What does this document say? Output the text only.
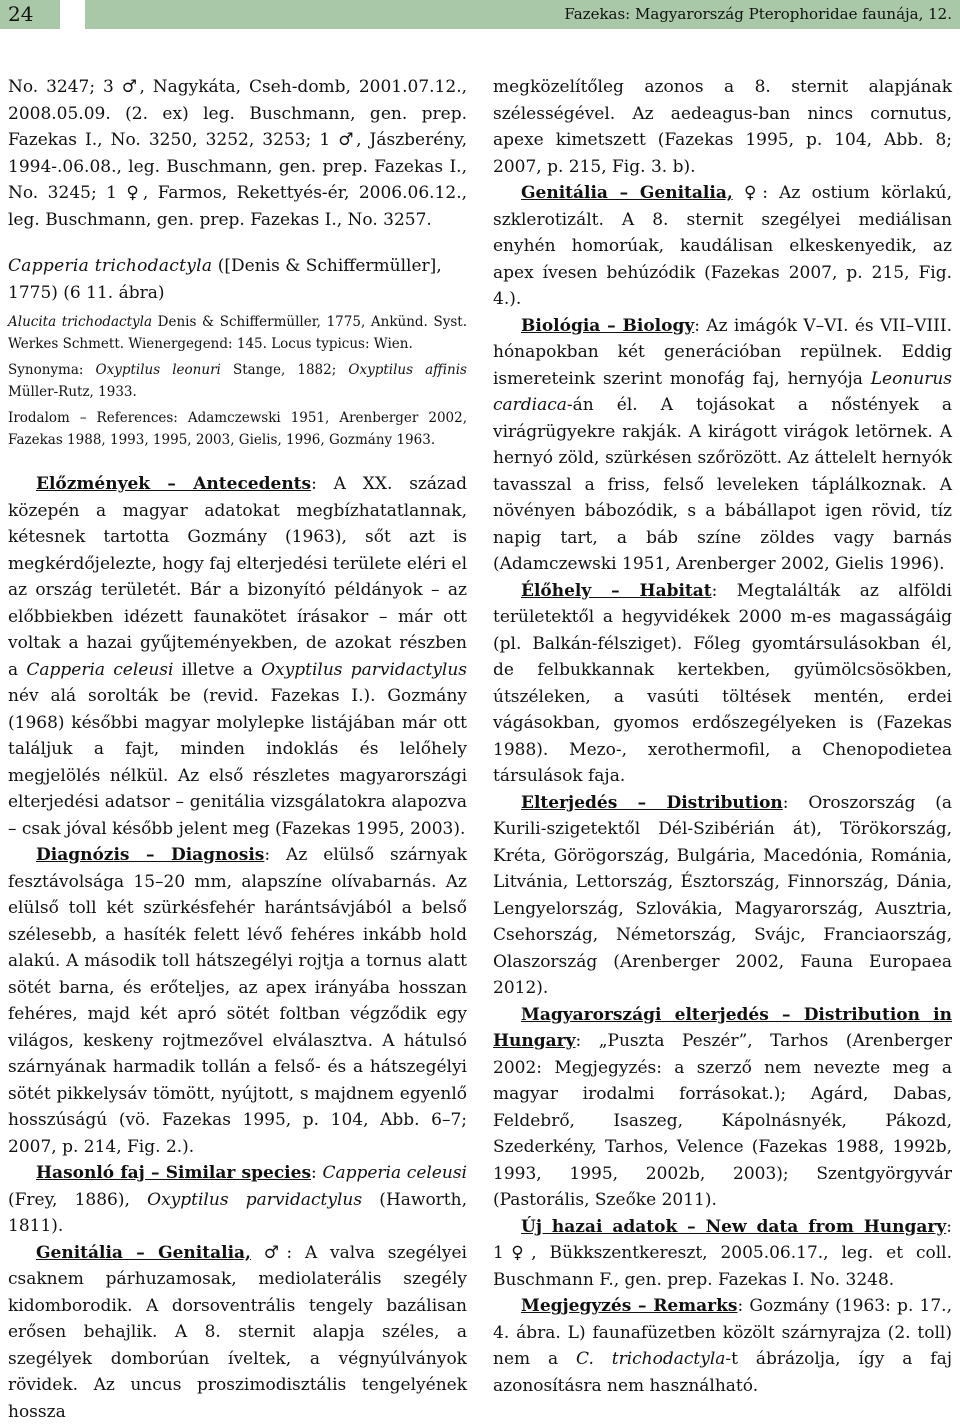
24	Fazekas: Magyarország Pterophoridae faunája, 12.

No. 3247; 3 ♂, Nagykáta, Cseh-domb, 2001.07.12., 2008.05.09. (2. ex) leg. Buschmann, gen. prep. Fazekas I., No. 3250, 3252, 3253; 1 ♂, Jászberény, 1994-.06.08., leg. Buschmann, gen. prep. Fazekas I., No. 3245; 1 ♀, Farmos, Rekettyés-ér, 2006.06.12., leg. Buschmann, gen. prep. Fazekas I., No. 3257.

Capperia trichodactyla ([Denis & Schiffermüller], 1775) (6 11. ábra)

Alucita trichodactyla Denis & Schiffermüller, 1775, Ankünd. Syst. Werkes Schmett. Wienergegend: 145. Locus typicus: Wien.

Synonyma: Oxyptilus leonuri Stange, 1882; Oxyptilus affinis Müller-Rutz, 1933.

Irodalom – References: Adamczewski 1951, Arenberger 2002, Fazekas 1988, 1993, 1995, 2003, Gielis, 1996, Gozmány 1963.

Előzmények – Antecedents: A XX. század közepén a magyar adatokat megbízhatatlannak, kétesnek tartotta Gozmány (1963), sőt azt is megkérdőjelezte, hogy faj elterjedési területe eléri el az ország területét. Bár a bizonyító példányok – az előbbiekben idézett faunakötet írásakor – már ott voltak a hazai gyűjteményekben, de azokat részben a Capperia celeusi illetve a Oxyptilus parvidactylus név alá sorolták be (revid. Fazekas I.). Gozmány (1968) későbbi magyar molylepke listájában már ott találjuk a fajt, minden indoklás és lelőhely megjelölés nélkül. Az első részletes magyarországi elterjedési adatsor – genitália vizsgálatokra alapozva – csak jóval később jelent meg (Fazekas 1995, 2003).

Diagnózis – Diagnosis: Az elülső szárnyak fesztávolsága 15–20 mm, alapszíne olívabarnás. Az elülső toll két szürkésfehér harántsávjából a belső szélesebb, a hasíték felett lévő fehéres inkább hold alakú. A második toll hátszegélyi rojtja a tornus alatt sötét barna, és erőteljes, az apex irányába hosszan fehéres, majd két apró sötét foltban végződik egy világos, keskeny rojtmezővel elválasztva. A hátulsó szárnyának harmadik tollán a felső- és a hátszegélyi sötét pikkelysáv tömött, nyújtott, s majdnem egyenlő hosszúságú (vö. Fazekas 1995, p. 104, Abb. 6–7; 2007, p. 214, Fig. 2.).

Hasonló faj – Similar species: Capperia celeusi (Frey, 1886), Oxyptilus parvidactylus (Haworth, 1811).

Genitália – Genitalia, ♂: A valva szegélyei csaknem párhuzamosak, mediolaterális szegély kidomborodik. A dorsoventrális tengely bazálisan erősen behajlik. A 8. sternit alapja széles, a szegélyek domborúan íveltek, a végnyúlványok rövidek. Az uncus proszimodisztális tengelyének hossza

megközelítőleg azonos a 8. sternit alapjának szélességével. Az aedeagus-ban nincs cornutus, apexe kimetszett (Fazekas 1995, p. 104, Abb. 8; 2007, p. 215, Fig. 3. b).

Genitália – Genitalia, ♀: Az ostium körlakú, szklerotizált. A 8. sternit szegélyei mediálisan enyhén homorúak, kaudálisan elkeskenyedik, az apex ívesen behúzódik (Fazekas 2007, p. 215, Fig. 4.).

Biológia – Biology: Az imágók V–VI. és VII–VIII. hónapokban két generációban repülnek. Eddig ismereteink szerint monofág faj, hernyója Leonurus cardiaca-án él. A tojásokat a nőstények a virágrügyekre rakják. A kirágott virágok letörnek. A hernyó zöld, szürkésen szőrözött. Az áttelelt hernyók tavasszal a friss, felső leveleken táplálkoznak. A növényen bábozódik, s a bábállapot igen rövid, tíz napig tart, a báb színe zöldes vagy barnás (Adamczewski 1951, Arenberger 2002, Gielis 1996).

Élőhely – Habitat: Megtalálták az alföldi területektől a hegyvidékek 2000 m-es magasságáig (pl. Balkán-félsziget). Főleg gyomtársulásokban él, de felbukkannak kertekben, gyümölcsösökben, útszéleken, a vasúti töltések mentén, erdei vágásokban, gyomos erdőszegélyeken is (Fazekas 1988). Mezo-, xerothermofil, a Chenopodietea társulások faja.

Elterjedés – Distribution: Oroszország (a Kurili-szigetektől Dél-Szibérián át), Törökország, Kréta, Görögország, Bulgária, Macedónia, Románia, Litvánia, Lettország, Észtország, Finnország, Dánia, Lengyelország, Szlovákia, Magyarország, Ausztria, Csehország, Németország, Svájc, Franciaország, Olaszország (Arenberger 2002, Fauna Europaea 2012).

Magyarországi elterjedés – Distribution in Hungary: „Puszta Peszér”, Tarhos (Arenberger 2002: Megjegyzés: a szerző nem nevezte meg a magyar irodalmi forrásokat.); Agárd, Dabas, Feldebrő, Isaszeg, Kápolnásnyék, Pákozd, Szederkény, Tarhos, Velence (Fazekas 1988, 1992b, 1993, 1995, 2002b, 2003); Szentgyörgyvár (Pastorális, Szeőke 2011).

Új hazai adatok – New data from Hungary: 1♀, Bükkszentkereszt, 2005.06.17., leg. et coll. Buschmann F., gen. prep. Fazekas I. No. 3248.

Megjegyzés – Remarks: Gozmány (1963: p. 17., 4. ábra. L) faunafüzetben közölt szárnyrajza (2. toll) nem a C. trichodactyla-t ábrázolja, így a faj azonosításra nem használható.
